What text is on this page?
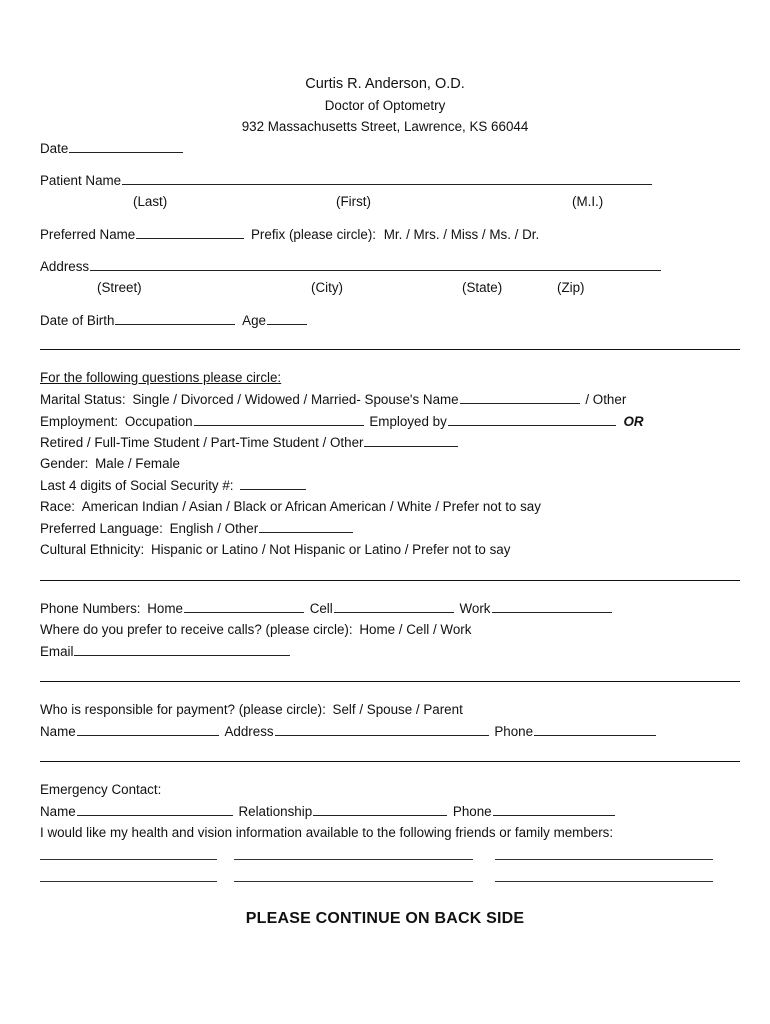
Curtis R. Anderson, O.D.
Doctor of Optometry
932 Massachusetts Street, Lawrence, KS 66044
Date
Patient Name
(Last)	(First)	(M.I.)
Preferred Name	Prefix (please circle): Mr. / Mrs. / Miss / Ms. / Dr.
Address
(Street)	(City)	(State)	(Zip)
Date of Birth	Age
For the following questions please circle:
Marital Status: Single / Divorced / Widowed / Married- Spouse's Name	/ Other
Employment: Occupation	Employed by	OR
Retired / Full-Time Student / Part-Time Student / Other
Gender: Male / Female
Last 4 digits of Social Security #:
Race: American Indian / Asian / Black or African American / White / Prefer not to say
Preferred Language: English / Other
Cultural Ethnicity: Hispanic or Latino / Not Hispanic or Latino / Prefer not to say
Phone Numbers: Home	Cell	Work
Where do you prefer to receive calls? (please circle): Home / Cell / Work
Email
Who is responsible for payment? (please circle): Self / Spouse / Parent
Name	Address	Phone
Emergency Contact:
Name	Relationship	Phone
I would like my health and vision information available to the following friends or family members:
PLEASE CONTINUE ON BACK SIDE
